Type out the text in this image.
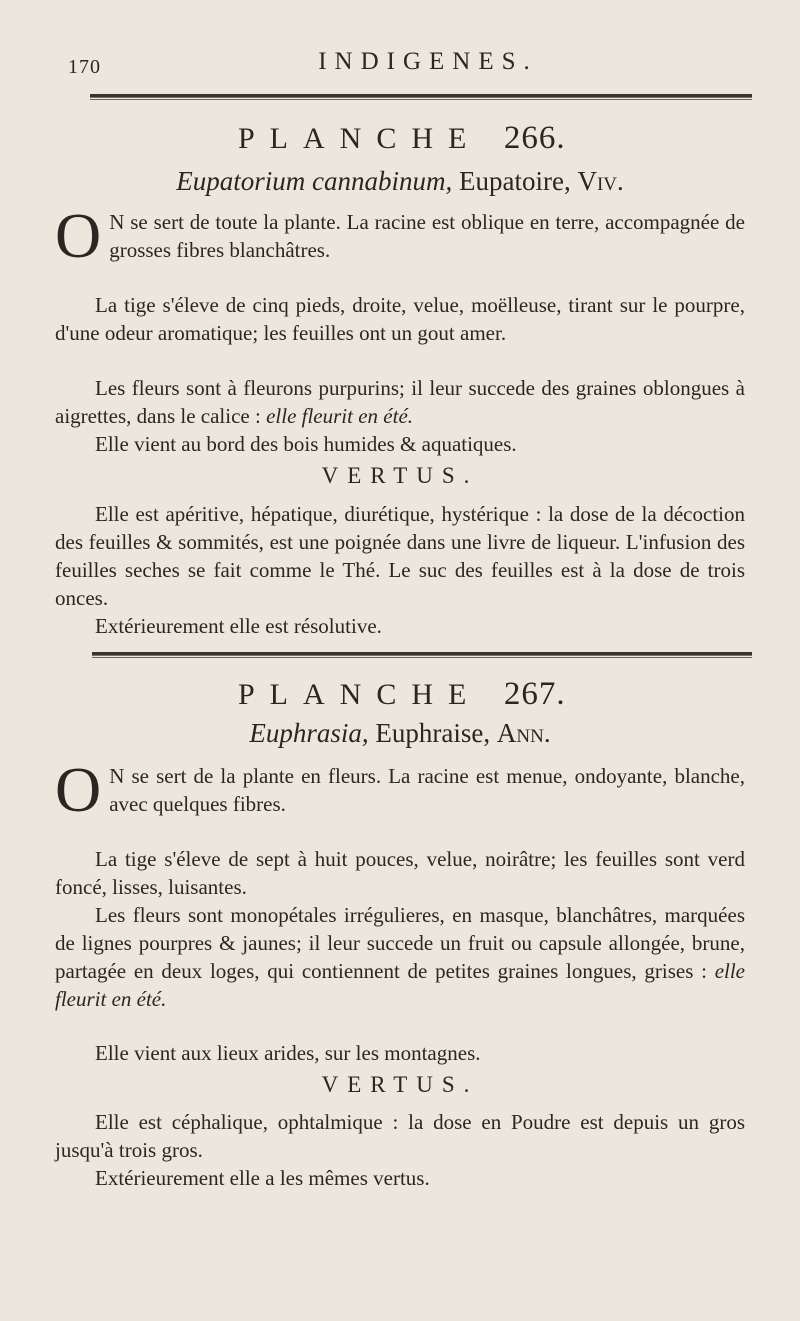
170	INDIGENES.
PLANCHE 266.
Eupatorium cannabinum, Eupatoire, Viv.

O N se sert de toute la plante. La racine est oblique en terre, accompagnée de grosses fibres blanchâtres.

La tige s'éleve de cinq pieds, droite, velue, moëlleuse, tirant sur le pourpre, d'une odeur aromatique; les feuilles ont un gout amer.

Les fleurs sont à fleurons purpurins; il leur succede des graines oblongues à aigrettes, dans le calice : elle fleurit en été.

Elle vient au bord des bois humides & aquatiques.

VERTUS.

Elle est apéritive, hépatique, diurétique, hystérique : la dose de la décoction des feuilles & sommités, est une poignée dans une livre de liqueur. L'infusion des feuilles seches se fait comme le Thé. Le suc des feuilles est à la dose de trois onces.

Extérieurement elle est résolutive.

PLANCHE 267.
Euphrasia, Euphraise, Ann.

O N se sert de la plante en fleurs. La racine est menue, ondoyante, blanche, avec quelques fibres.

La tige s'éleve de sept à huit pouces, velue, noirâtre; les feuilles sont verd foncé, lisses, luisantes.

Les fleurs sont monopétales irrégulieres, en masque, blanchâtres, marquées de lignes pourpres & jaunes; il leur succede un fruit ou capsule allongée, brune, partagée en deux loges, qui contiennent de petites graines longues, grises : elle fleurit en été.

Elle vient aux lieux arides, sur les montagnes.

VERTUS.

Elle est céphalique, ophtalmique : la dose en Poudre est depuis un gros jusqu'à trois gros.

Extérieurement elle a les mêmes vertus.
